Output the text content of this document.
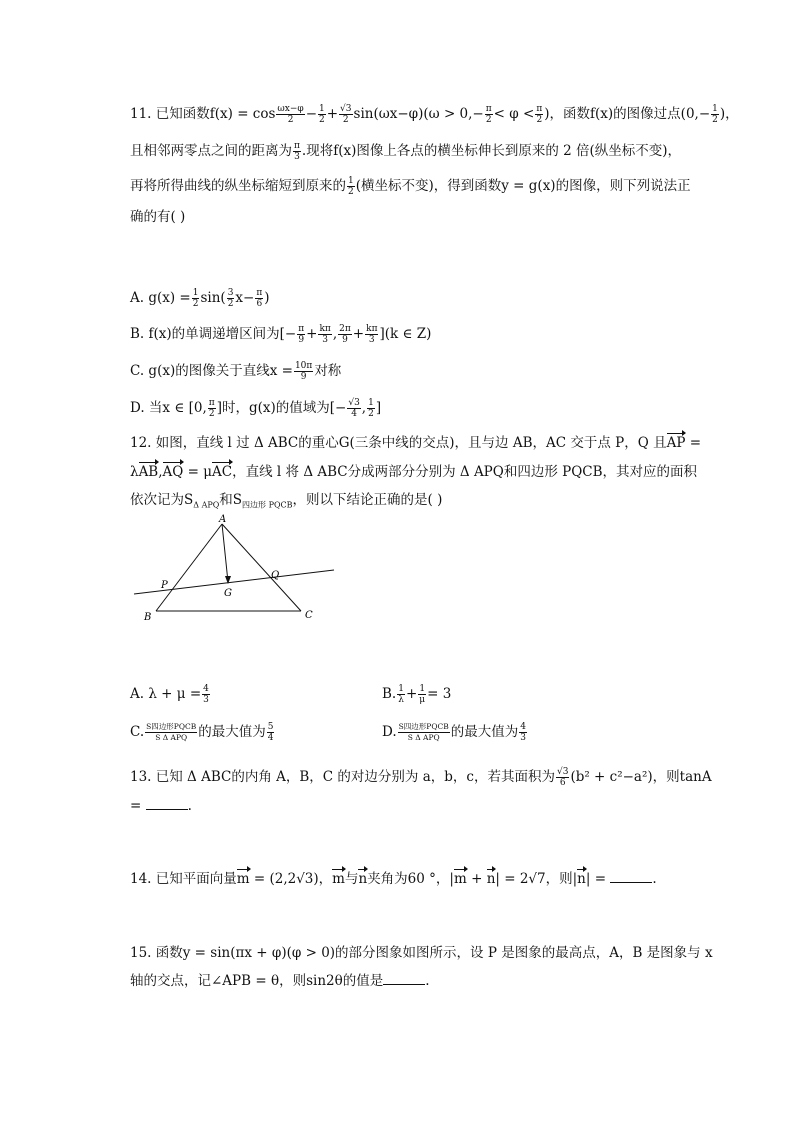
11. 已知函数$f(x) = \cos \frac{\omega x-\varphi}{2} - \frac{1}{2} + \frac{√3}{2} \sin(\omega x-\varphi)(\omega > 0,- \frac{\pi}{2} < \varphi < \frac{\pi}{2}$ )，函数f(x)的图像过点($0,- \frac{1}{2}$ )，
且相邻两零点之间的距离为 $\frac{\pi}{3}$ .现将f(x)图像上各点的横坐标伸长到原来的 2 倍(纵坐标不变)，
再将所得曲线的纵坐标缩短到原来的 $\frac{1}{2}$ (横坐标不变)，得到函数y = g(x)的图像，则下列说法正
确的有( )
A. $g(x) = \frac{1}{2} \sin( \frac{3}{2} x- \frac{\pi}{6}$ )
B. f(x)的单调递增区间为[− $\frac{\pi}{9} + \frac{k\pi}{3}$ , $\frac{2\pi}{9} + \frac{k\pi}{3} ](k$ ∈ Z)
C. g(x)的图像关于直线$x = \frac{10\pi}{9}$ 对称
D. 当x ∈ [0, $\frac{\pi}{2}$ ]时，g(x)的值域为[− $\frac{√3}{4}$ , $\frac{1}{2}$ ]
12. 如图，直线 l 过 Δ ABC的重心G(三条中线的交点)，且与边 AB，AC 交于点 P，Q 且AP =
λAB,AQ = μAC，直线 l 将 Δ ABC分成两部分分别为 Δ APQ和四边形 PQCB，其对应的面积
依次记为$S_{\Delta APQ}$和$S_{四边形 PQCB}$，则以下结论正确的是( )
A
B	C
P
Q
G
A. $\lambda + \mu = \frac{4}{3}$	B. $\frac{1}{\lambda} + \frac{1}{\mu} = 3$
C. $\frac{\text{S四边形PQCB}}{\text{S Δ APQ}}$ 的最大值为 $\frac{5}{4}$	D. $\frac{\text{S四边形PQCB}}{\text{S Δ APQ}}$ 的最大值为 $\frac{4}{3}$
13. 已知 Δ ABC的内角 A，B，C 的对边分别为 a，b，c，若其面积为 $\frac{√3}{6} (b^2 + c^2-a^2)$，则tanA
=	.
14. 已知平面向量m = (2,2√3)，m与n夹角为60 °，|m + n| = 2√7，则|n| =	.
15. 函数y = sin(πx + φ)(φ > 0)的部分图象如图所示，设 P 是图象的最高点，A，B 是图象与 x
轴的交点，记∠APB = θ，则sin2θ的值是	.
